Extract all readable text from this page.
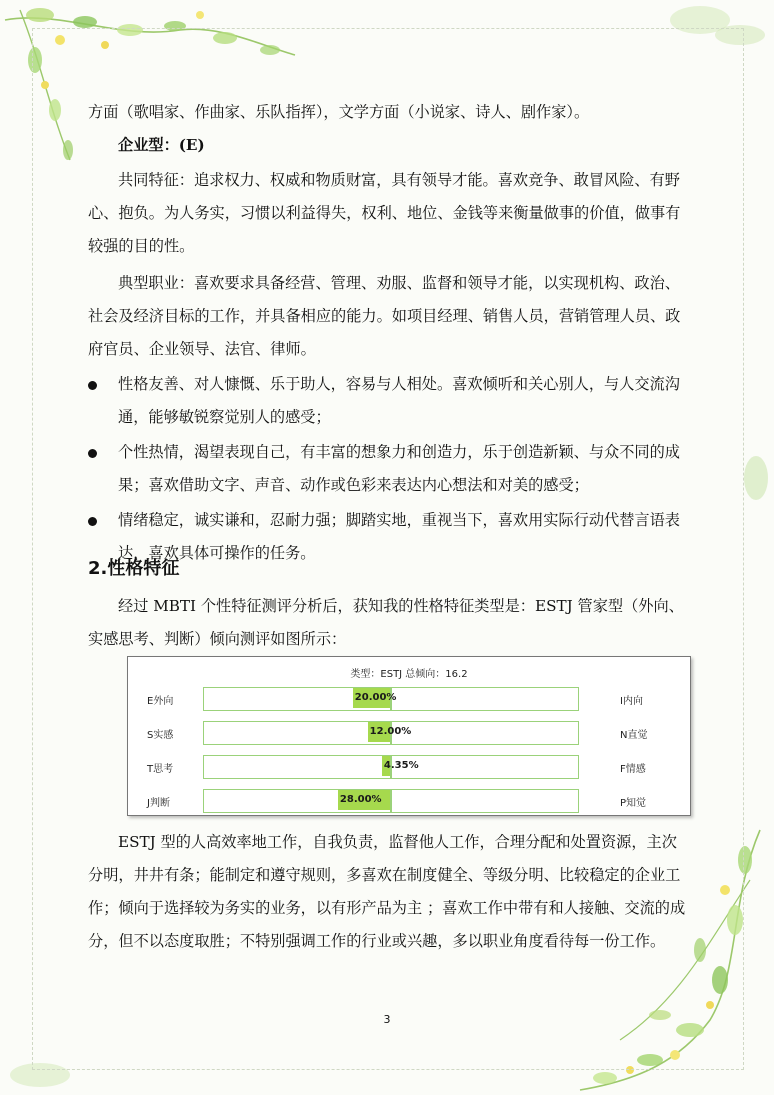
方面（歌唱家、作曲家、乐队指挥），文学方面（小说家、诗人、剧作家）。

企业型：(E)

共同特征：追求权力、权威和物质财富，具有领导才能。喜欢竞争、敢冒风险、有野心、抱负。为人务实，习惯以利益得失，权利、地位、金钱等来衡量做事的价值，做事有较强的目的性。

典型职业：喜欢要求具备经营、管理、劝服、监督和领导才能，以实现机构、政治、社会及经济目标的工作，并具备相应的能力。如项目经理、销售人员，营销管理人员、政府官员、企业领导、法官、律师。

性格友善、对人慷慨、乐于助人，容易与人相处。喜欢倾听和关心别人，与人交流沟通，能够敏锐察觉别人的感受；
个性热情，渴望表现自己，有丰富的想象力和创造力，乐于创造新颖、与众不同的成果；喜欢借助文字、声音、动作或色彩来表达内心想法和对美的感受；
情绪稳定，诚实谦和，忍耐力强；脚踏实地，重视当下，喜欢用实际行动代替言语表达，喜欢具体可操作的任务。
2.性格特征

经过 MBTI 个性特征测评分析后，获知我的性格特征类型是：ESTJ 管家型（外向、实感思考、判断）倾向测评如图所示：

类型：ESTJ 总倾向：16.2
E外向	20.00%	I内向
S实感	12.00%	N直觉
T思考	4.35%	F情感
J判断	28.00%	P知觉

ESTJ 型的人高效率地工作，自我负责，监督他人工作，合理分配和处置资源，主次分明，井井有条；能制定和遵守规则，多喜欢在制度健全、等级分明、比较稳定的企业工作；倾向于选择较为务实的业务，以有形产品为主 ；喜欢工作中带有和人接触、交流的成分，但不以态度取胜；不特别强调工作的行业或兴趣，多以职业角度看待每一份工作。

3
